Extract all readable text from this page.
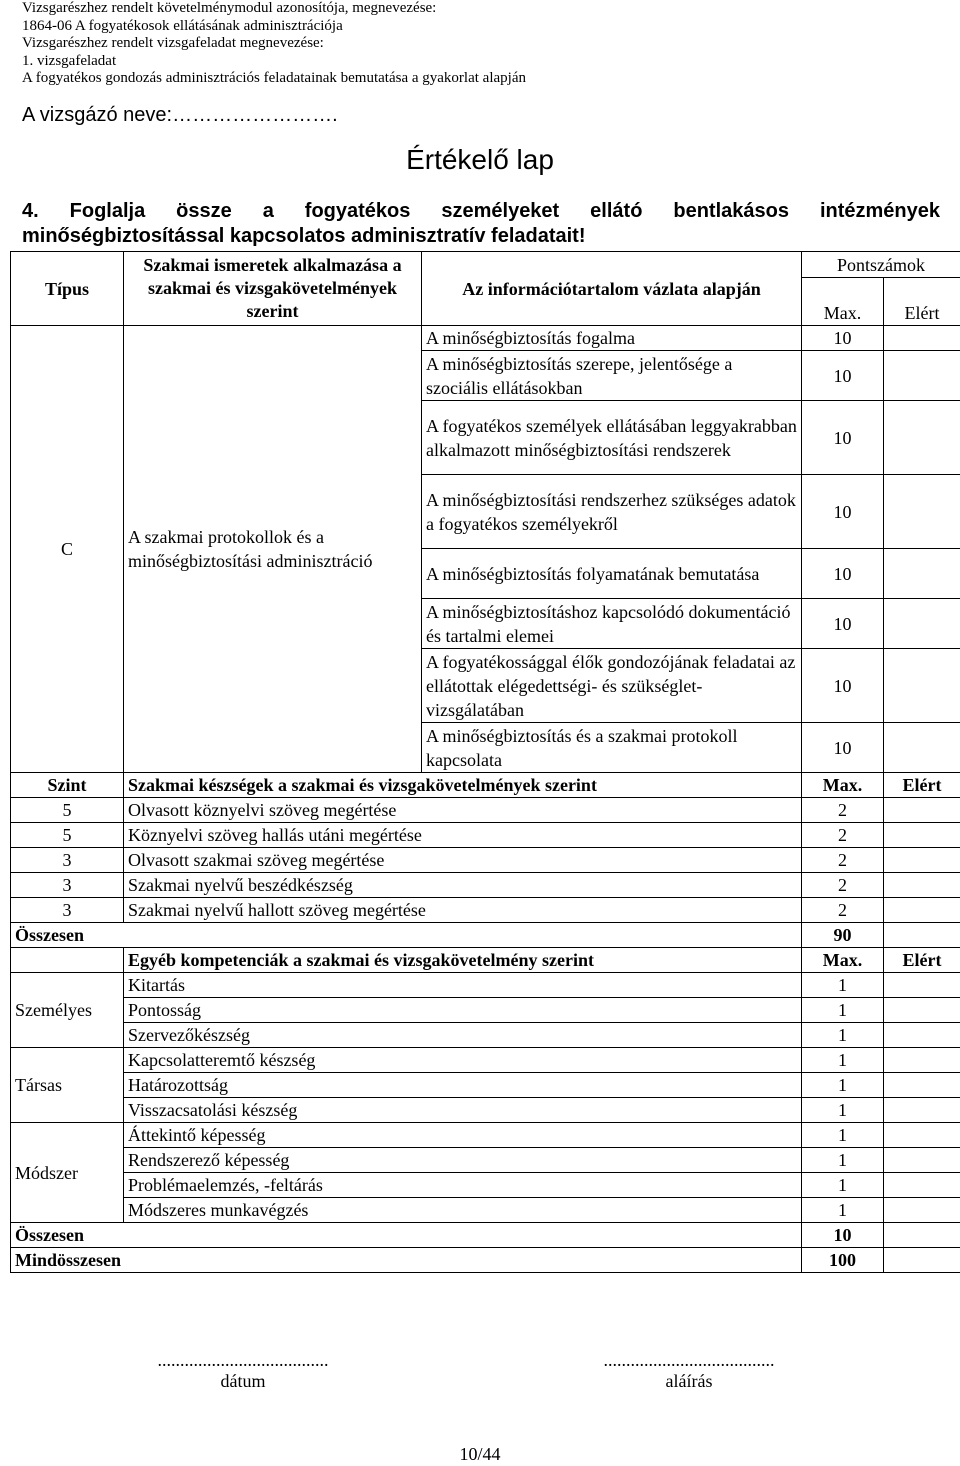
Vizsgarészhez rendelt követelménymodul azonosítója, megnevezése:
1864-06 A fogyatékosok ellátásának adminisztrációja
Vizsgarészhez rendelt vizsgafeladat megnevezése:
1. vizsgafeladat
A fogyatékos gondozás adminisztrációs feladatainak bemutatása a gyakorlat alapján
A vizsgázó neve:…………………….
Értékelő lap
4. Foglalja össze a fogyatékos személyeket ellátó bentlakásos intézmények
minőségbiztosítással kapcsolatos adminisztratív feladatait!
Típus	Szakmai ismeretek alkalmazása a szakmai és vizsgakövetelmények szerint	Az információtartalom vázlata alapján	Pontszámok	
			Max.	Elért
C	A szakmai protokollok és a minőségbiztosítási adminisztráció	A minőségbiztosítás fogalma	10	
		A minőségbiztosítás szerepe, jelentősége a szociális ellátásokban	10	
		A fogyatékos személyek ellátásában leggyakrabban alkalmazott minőségbiztosítási rendszerek	10	
		A minőségbiztosítási rendszerhez szükséges adatok a fogyatékos személyekről	10	
		A minőségbiztosítás folyamatának bemutatása	10	
		A minőségbiztosításhoz kapcsolódó dokumentáció és tartalmi elemei	10	
		A fogyatékossággal élők gondozójának feladatai az ellátottak elégedettségi- és szükséglet- vizsgálatában	10	
		A minőségbiztosítás és a szakmai protokoll kapcsolata	10	
Szint	Szakmai készségek a szakmai és vizsgakövetelmények szerint		Max.	Elért
5	Olvasott köznyelvi szöveg megértése		2	
5	Köznyelvi szöveg hallás utáni megértése		2	
3	Olvasott szakmai szöveg megértése		2	
3	Szakmai nyelvű beszédkészség		2	
3	Szakmai nyelvű hallott szöveg megértése		2	
Összesen			90	
	Egyéb kompetenciák a szakmai és vizsgakövetelmény szerint		Max.	Elért
Személyes	Kitartás		1	
	Pontosság		1	
	Szervezőkészség		1	
Társas	Kapcsolatteremtő készség		1	
	Határozottság		1	
	Visszacsatolási készség		1	
Módszer	Áttekintő képesség		1	
	Rendszerező képesség		1	
	Problémaelemzés, -feltárás		1	
	Módszeres munkavégzés		1	
Összesen			10	
Mindösszesen			100	
......................................
dátum
......................................
aláírás
10/44
